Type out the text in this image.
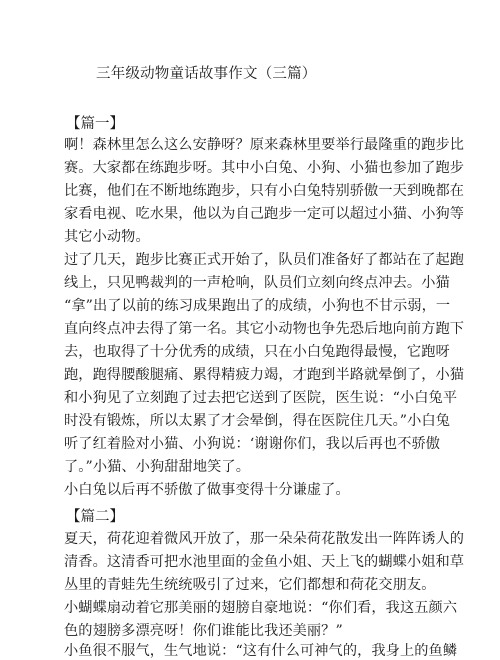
三年级动物童话故事作文（三篇）
【篇一】
啊！森林里怎么这么安静呀？原来森林里要举行最隆重的跑步比
赛。大家都在练跑步呀。其中小白兔、小狗、小猫也参加了跑步
比赛，他们在不断地练跑步，只有小白兔特别骄傲一天到晚都在
家看电视、吃水果，他以为自己跑步一定可以超过小猫、小狗等
其它小动物。
过了几天，跑步比赛正式开始了，队员们准备好了都站在了起跑
线上，只见鸭裁判的一声枪响，队员们立刻向终点冲去。小猫
“拿”出了以前的练习成果跑出了的成绩，小狗也不甘示弱，一
直向终点冲去得了第一名。其它小动物也争先恐后地向前方跑下
去，也取得了十分优秀的成绩，只在小白兔跑得最慢，它跑呀
跑，跑得腰酸腿痛、累得精疲力竭，才跑到半路就晕倒了，小猫
和小狗见了立刻跑了过去把它送到了医院，医生说：“小白兔平
时没有锻炼，所以太累了才会晕倒，得在医院住几天。”小白兔
听了红着脸对小猫、小狗说：‘谢谢你们，我以后再也不骄傲
了。”小猫、小狗甜甜地笑了。
小白兔以后再不骄傲了做事变得十分谦虚了。
【篇二】
夏天，荷花迎着微风开放了，那一朵朵荷花散发出一阵阵诱人的
清香。这清香可把水池里面的金鱼小姐、天上飞的蝴蝶小姐和草
丛里的青蛙先生统统吸引了过来，它们都想和荷花交朋友。
小蝴蝶扇动着它那美丽的翅膀自豪地说：“你们看，我这五颜六
色的翅膀多漂亮呀！你们谁能比我还美丽？”
小鱼很不服气，生气地说：“这有什么可神气的，我身上的鱼鳞
